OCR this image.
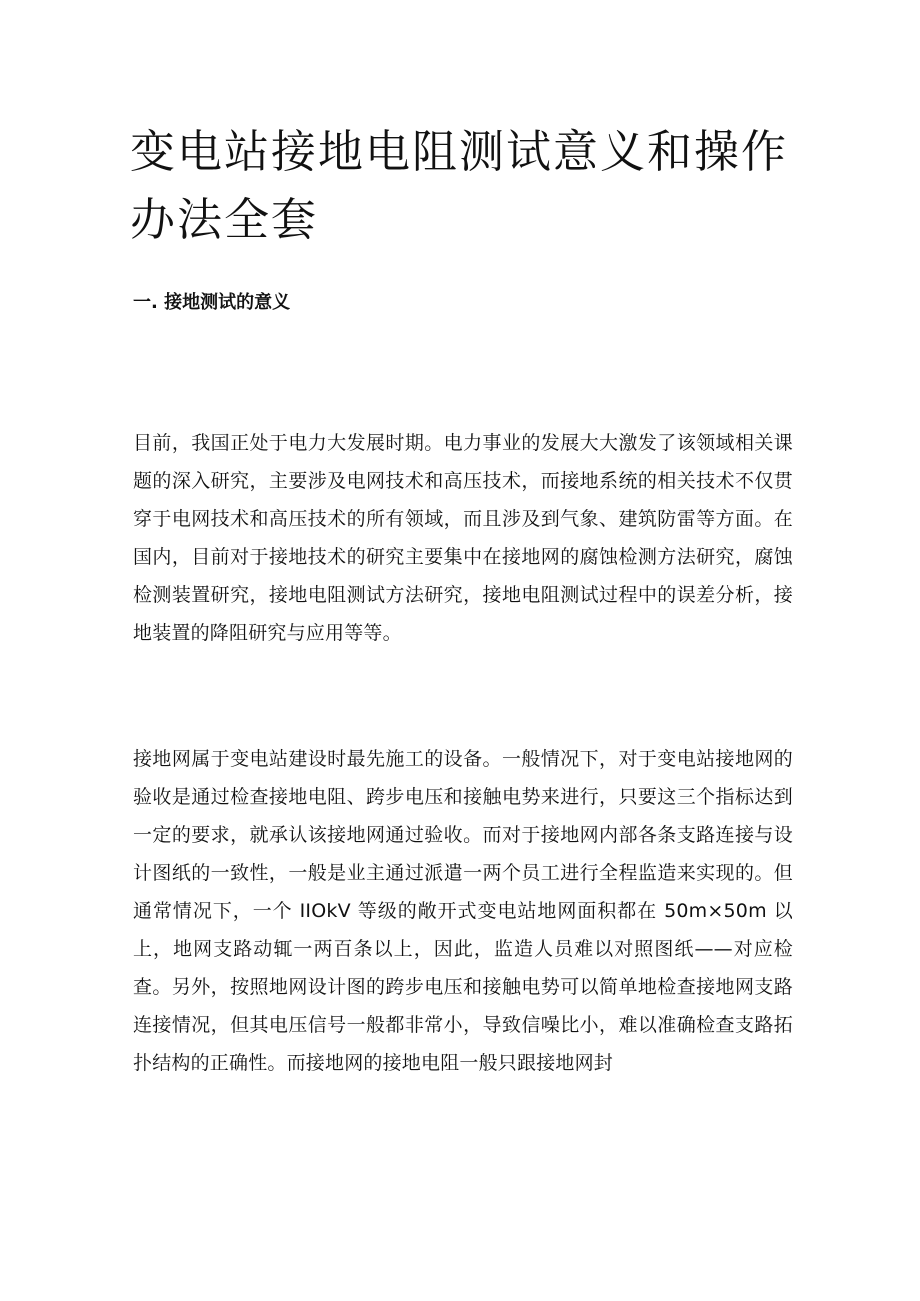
变电站接地电阻测试意义和操作办法全套
一. 接地测试的意义

目前，我国正处于电力大发展时期。电力事业的发展大大激发了该领域相关课题的深入研究，主要涉及电网技术和高压技术，而接地系统的相关技术不仅贯穿于电网技术和高压技术的所有领域，而且涉及到气象、建筑防雷等方面。在国内，目前对于接地技术的研究主要集中在接地网的腐蚀检测方法研究，腐蚀检测装置研究，接地电阻测试方法研究，接地电阻测试过程中的误差分析，接地装置的降阻研究与应用等等。

接地网属于变电站建设时最先施工的设备。一般情况下，对于变电站接地网的验收是通过检查接地电阻、跨步电压和接触电势来进行，只要这三个指标达到一定的要求，就承认该接地网通过验收。而对于接地网内部各条支路连接与设计图纸的一致性，一般是业主通过派遣一两个员工进行全程监造来实现的。但通常情况下，一个 IIOkV 等级的敞开式变电站地网面积都在 50m×50m 以上，地网支路动辄一两百条以上，因此，监造人员难以对照图纸——对应检查。另外，按照地网设计图的跨步电压和接触电势可以简单地检查接地网支路连接情况，但其电压信号一般都非常小，导致信噪比小，难以准确检查支路拓扑结构的正确性。而接地网的接地电阻一般只跟接地网封
